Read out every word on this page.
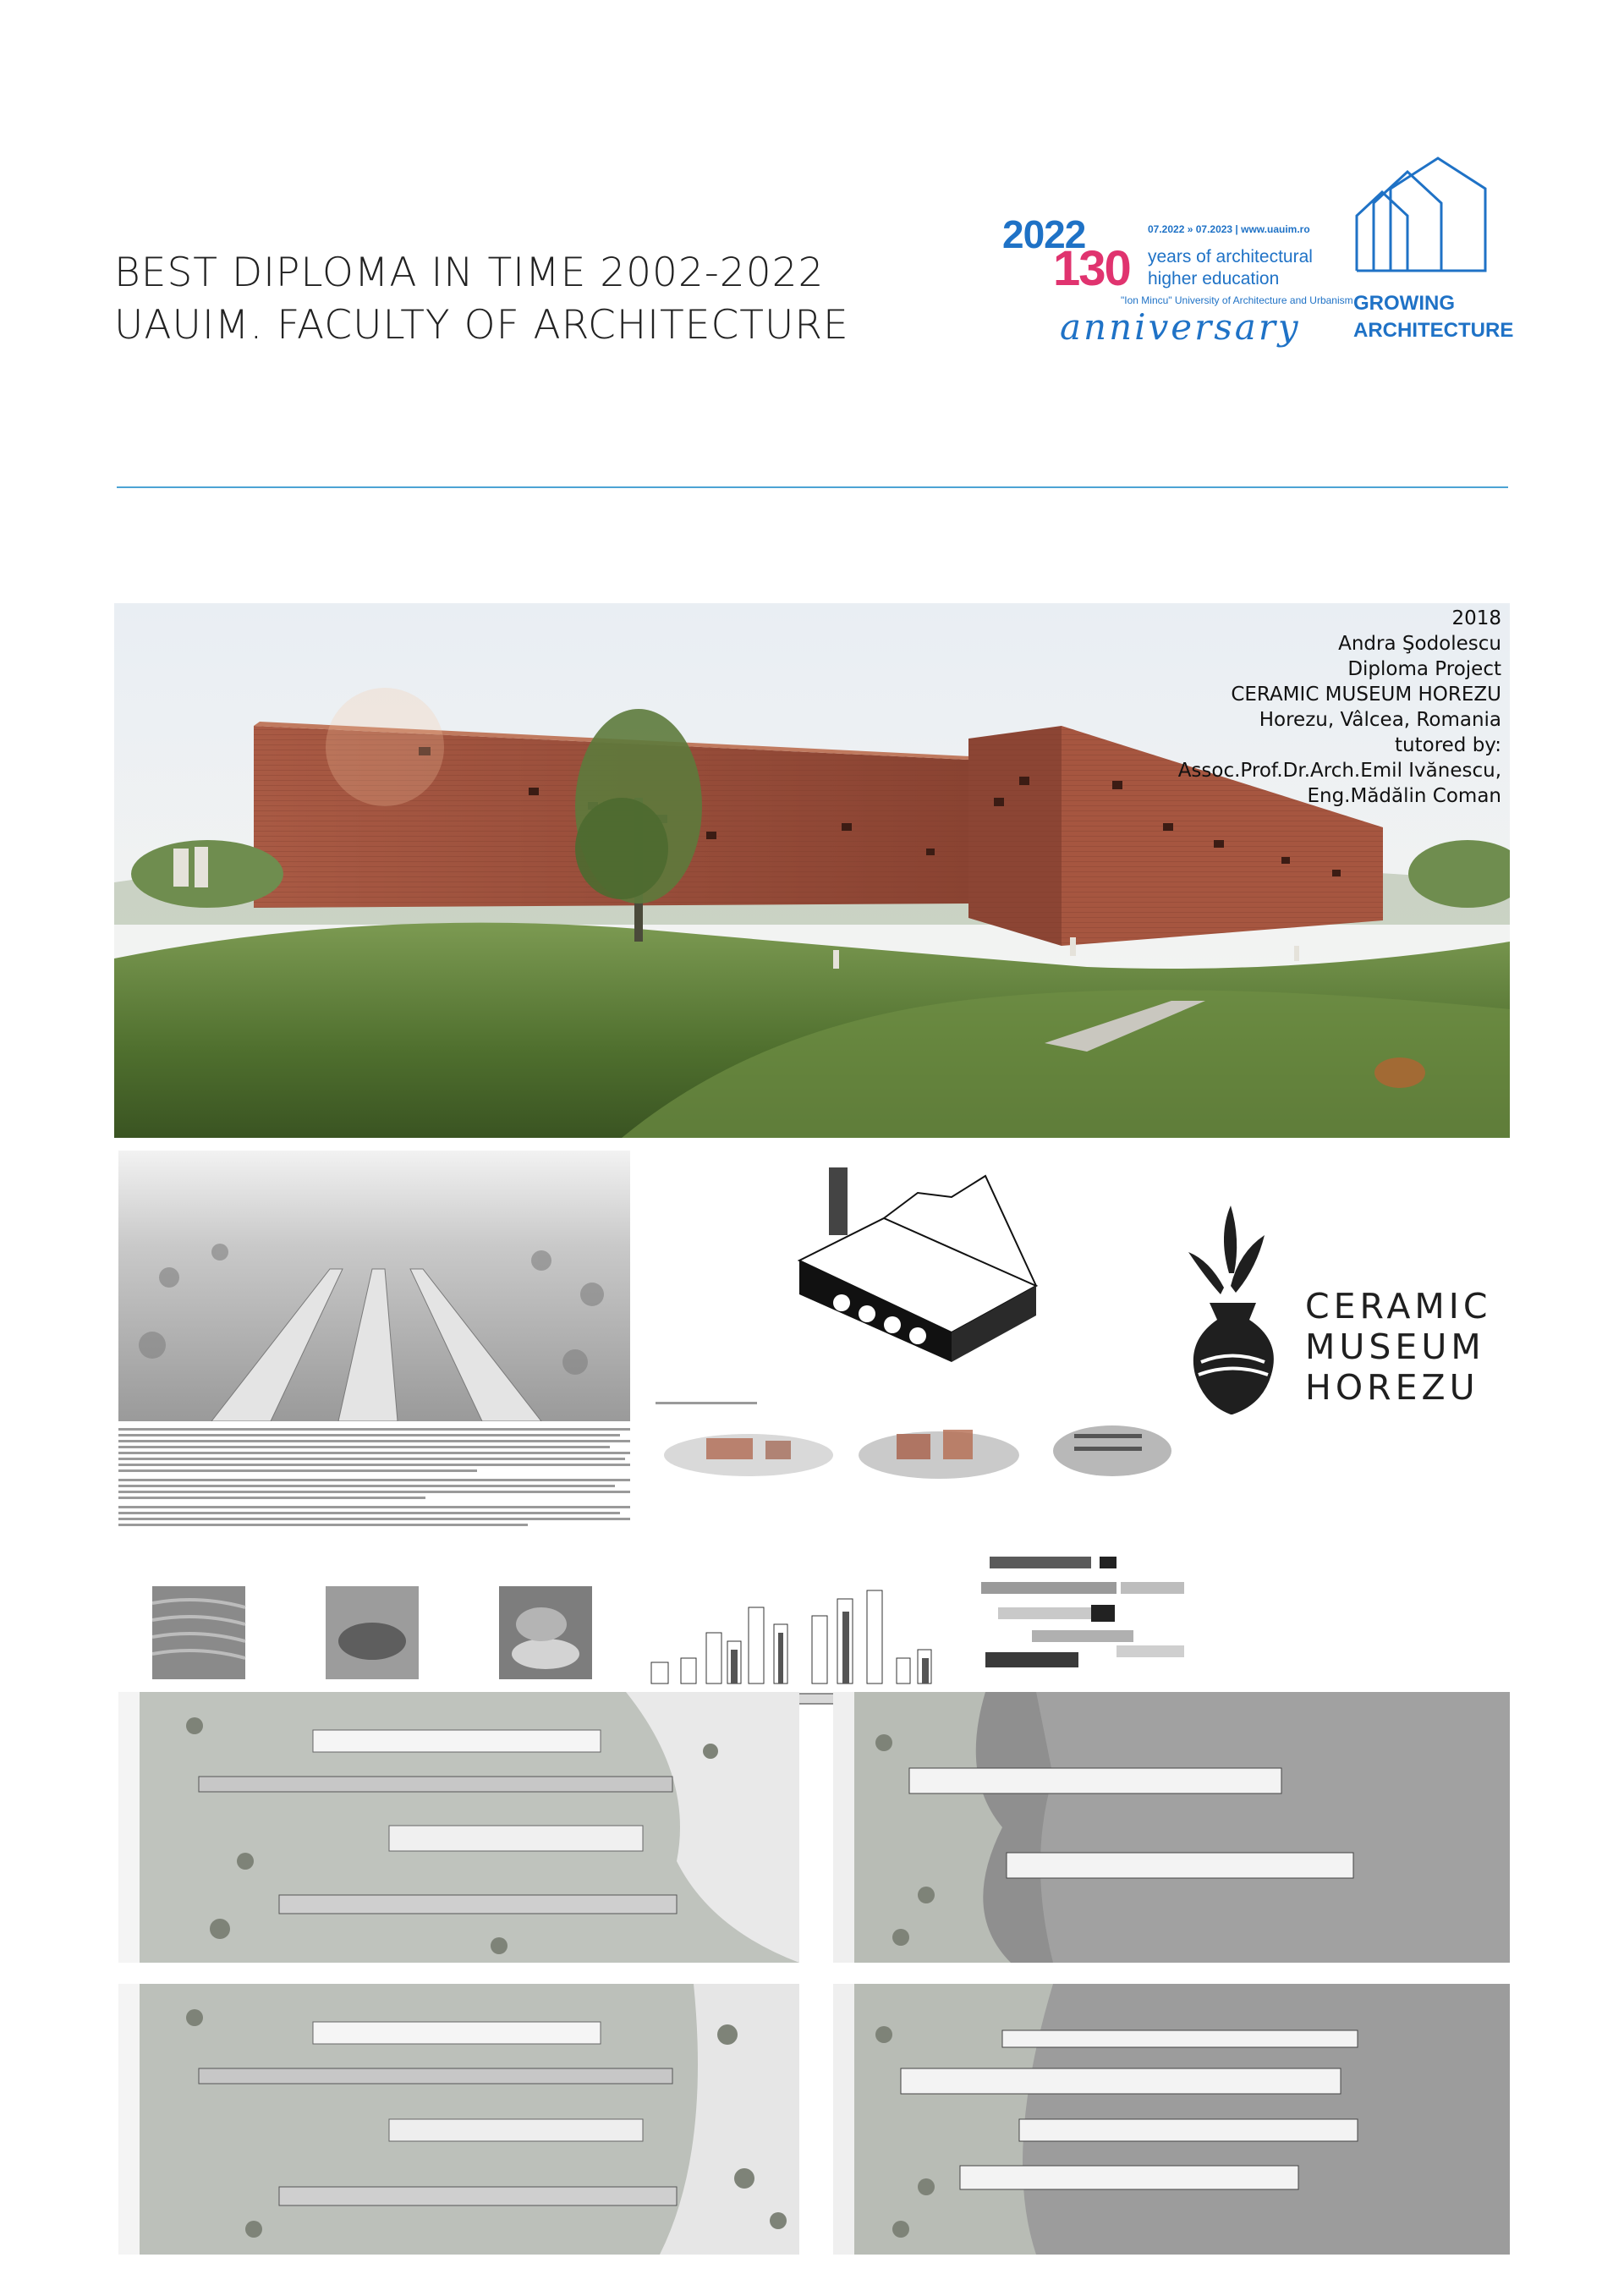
BEST DIPLOMA IN TIME 2002-2022
UAUIM. FACULTY OF ARCHITECTURE
2022
130
07.2022 » 07.2023 | www.uauim.ro
years of architectural
higher education
"Ion Mincu" University of Architecture and Urbanism
anniversary
GROWING
ARCHITECTURE
2018
Andra Şodolescu
Diploma Project
CERAMIC MUSEUM HOREZU
Horezu, Vâlcea, Romania
tutored by:
Assoc.Prof.Dr.Arch.Emil Ivănescu,
Eng.Mădălin Coman
CERAMIC
MUSEUM
HOREZU
